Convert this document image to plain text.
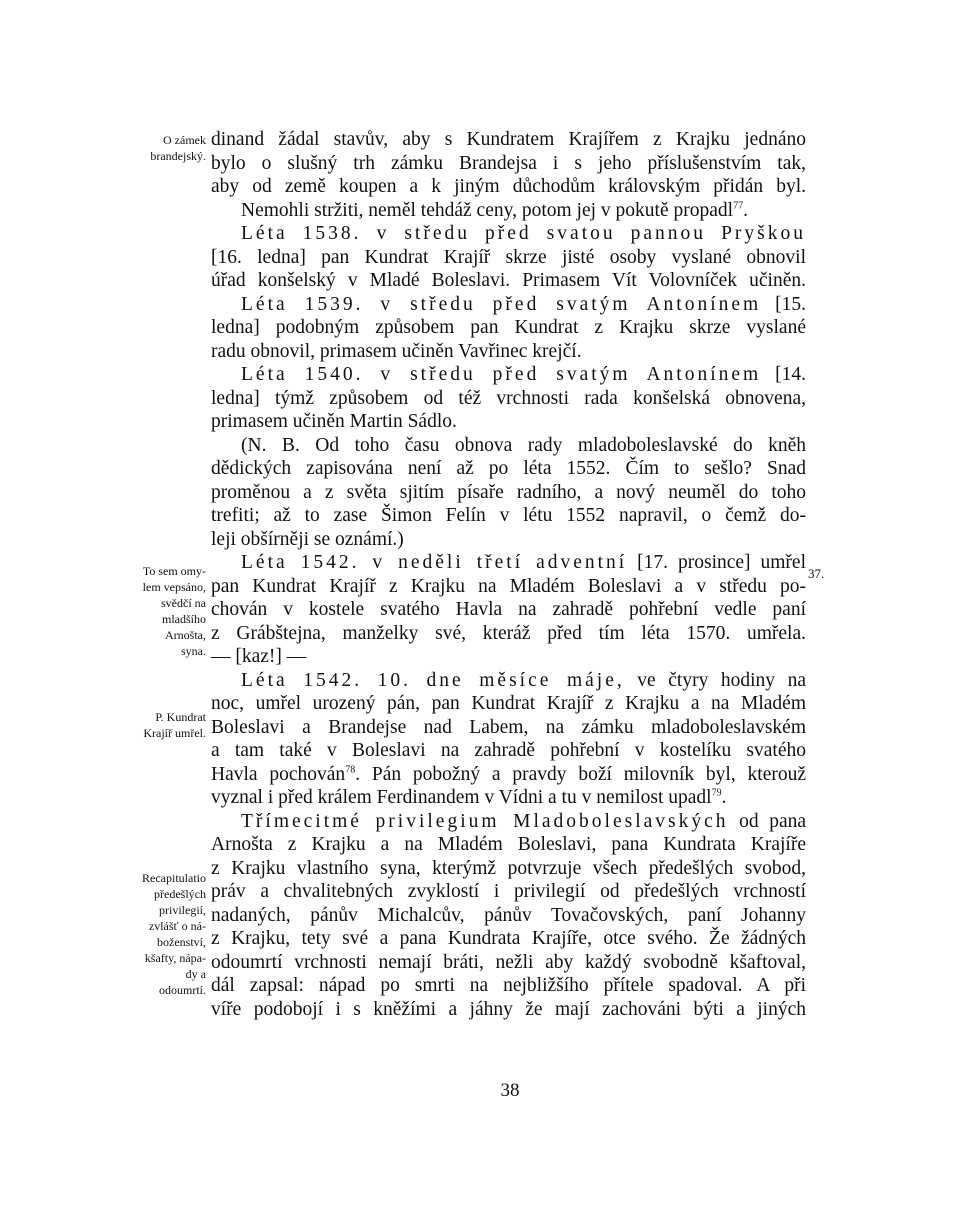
O zámek
brandejský.
To sem omy-
lem vepsáno,
svědčí na
mladšího
Arnošta,
syna.
P. Kundrat
Krajíř umřel.
Recapitulatio
předešlých
privilegií,
zvlášť o ná-
boženství,
kšafty, nápa-
dy a
odoumrtí.
37.
dinand žádal stavův, aby s Kundratem Krajířem z Krajku jednáno
bylo o slušný trh zámku Brandejsa i s jeho příslušenstvím tak,
aby od země koupen a k jiným důchodům královským přidán byl.
Nemohli stržiti, neměl tehdáž ceny, potom jej v pokutě propadl$^{77}$.
Léta 1538. v středu před svatou pannou Pryškou
[16. ledna] pan Kundrat Krajíř skrze jisté osoby vyslané obnovil
úřad konšelský v Mladé Boleslavi. Primasem Vít Volovníček učiněn.
Léta 1539. v středu před svatým Antonínem [15.
ledna] podobným způsobem pan Kundrat z Krajku skrze vyslané
radu obnovil, primasem učiněn Vavřinec krejčí.
Léta 1540. v středu před svatým Antonínem [14.
ledna] týmž způsobem od též vrchnosti rada konšelská obnovena,
primasem učiněn Martin Sádlo.
(N. B. Od toho času obnova rady mladoboleslavské do kněh
dědických zapisována není až po léta 1552. Čím to sešlo? Snad
proměnou a z světa sjitím písaře radního, a nový neuměl do toho
trefiti; až to zase Šimon Felín v létu 1552 napravil, o čemž do-
leji obšírněji se oznámí.)
Léta 1542. v neděli třetí adventní [17. prosince] umřel
pan Kundrat Krajíř z Krajku na Mladém Boleslavi a v středu po-
chován v kostele svatého Havla na zahradě pohřební vedle paní
z Grábštejna, manželky své, kteráž před tím léta 1570. umřela.
— [kaz!] —
Léta 1542. 10. dne měsíce máje, ve čtyry hodiny na
noc, umřel urozený pán, pan Kundrat Krajíř z Krajku a na Mladém
Boleslavi a Brandejse nad Labem, na zámku mladoboleslavském
a tam také v Boleslavi na zahradě pohřební v kostelíku svatého
Havla pochován$^{78}$. Pán pobožný a pravdy boží milovník byl, kterouž
vyznal i před králem Ferdinandem v Vídni a tu v nemilost upadl$^{79}$.
Třímecitmé privilegium Mladoboleslavských od pana
Arnošta z Krajku a na Mladém Boleslavi, pana Kundrata Krajíře
z Krajku vlastního syna, kterýmž potvrzuje všech předešlých svobod,
práv a chvalitebných zvyklostí i privilegií od předešlých vrchností
nadaných, pánův Michalcův, pánův Tovačovských, paní Johanny
z Krajku, tety své a pana Kundrata Krajíře, otce svého. Že žádných
odoumrtí vrchnosti nemají bráti, nežli aby každý svobodně kšaftoval,
dál zapsal: nápad po smrti na nejbližšího přítele spadoval. A při
víře podobojí i s kněžími a jáhny že mají zachováni býti a jiných
38
